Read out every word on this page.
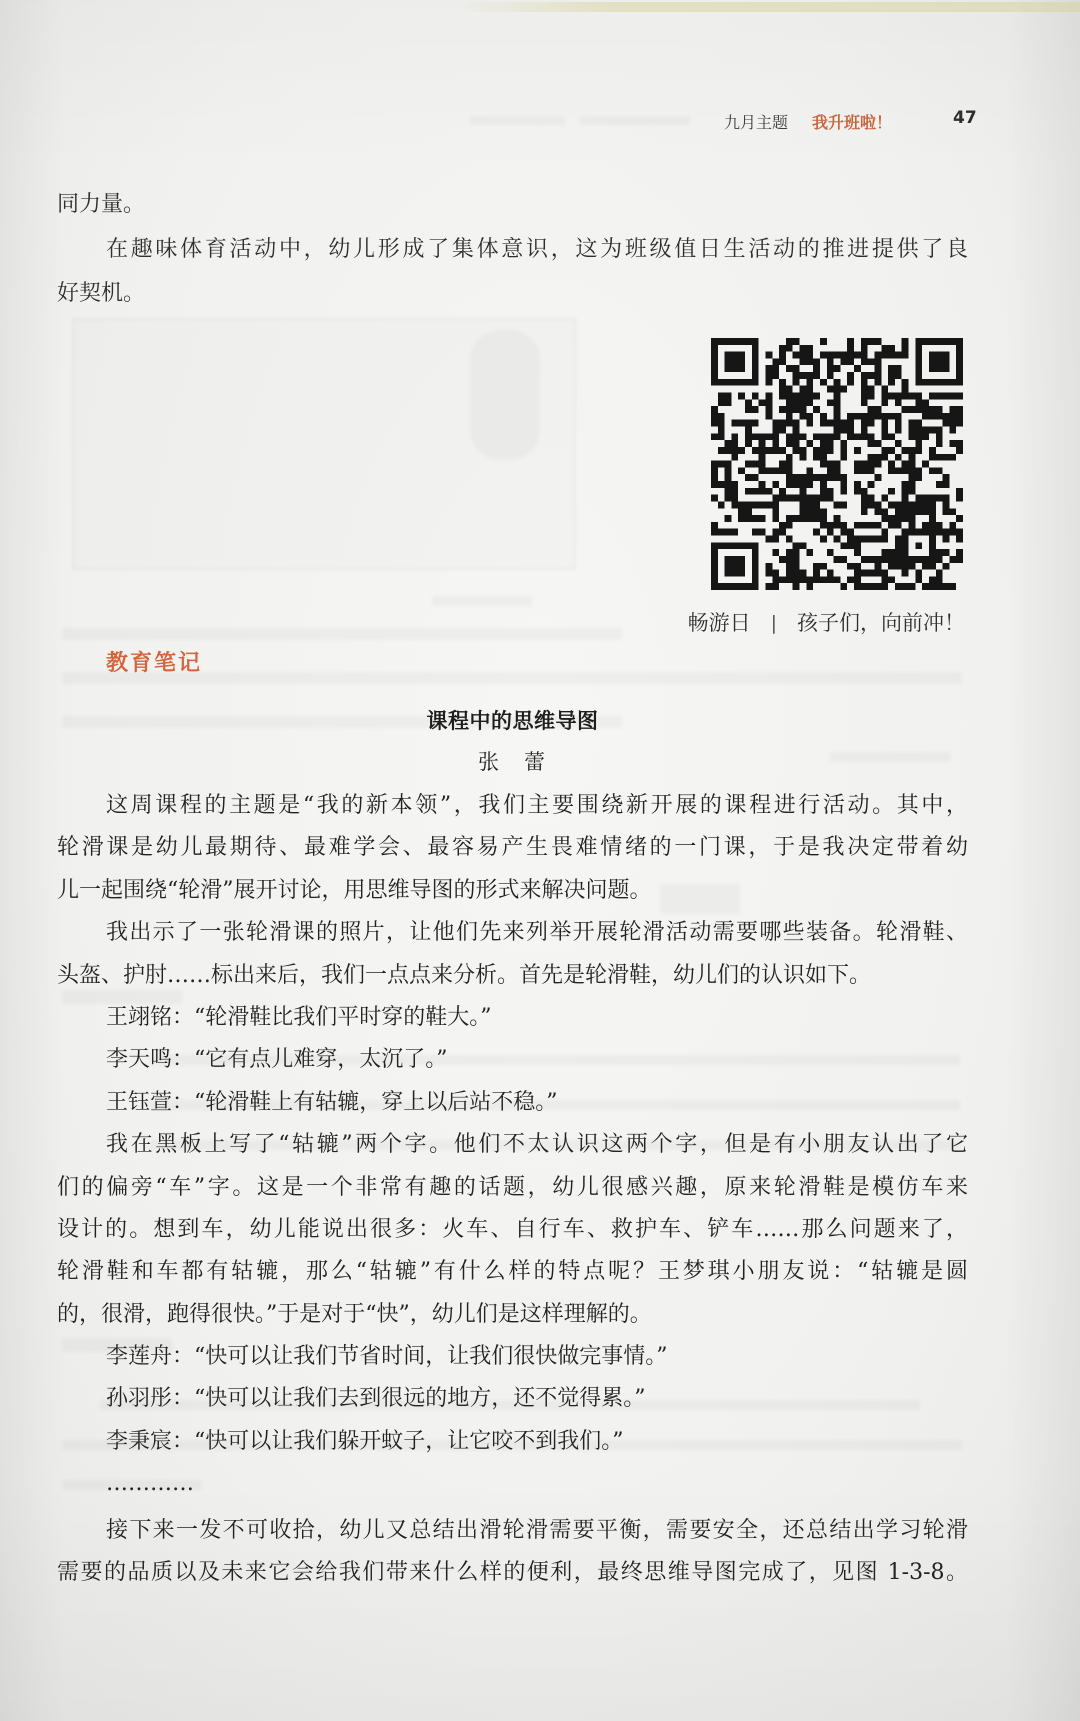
九月主题 我升班啦！	47
同力量。
在趣味体育活动中，幼儿形成了集体意识，这为班级值日生活动的推进提供了良
好契机。
畅游日 | 孩子们，向前冲！
教育笔记
课程中的思维导图
张　蕾
这周课程的主题是“我的新本领”，我们主要围绕新开展的课程进行活动。其中，
轮滑课是幼儿最期待、最难学会、最容易产生畏难情绪的一门课，于是我决定带着幼
儿一起围绕“轮滑”展开讨论，用思维导图的形式来解决问题。
我出示了一张轮滑课的照片，让他们先来列举开展轮滑活动需要哪些装备。轮滑鞋、
头盔、护肘……标出来后，我们一点点来分析。首先是轮滑鞋，幼儿们的认识如下。
王翊铭：“轮滑鞋比我们平时穿的鞋大。”
李天鸣：“它有点儿难穿，太沉了。”
王钰萱：“轮滑鞋上有轱辘，穿上以后站不稳。”
我在黑板上写了“轱辘”两个字。他们不太认识这两个字，但是有小朋友认出了它
们的偏旁“车”字。这是一个非常有趣的话题，幼儿很感兴趣，原来轮滑鞋是模仿车来
设计的。想到车，幼儿能说出很多：火车、自行车、救护车、铲车……那么问题来了，
轮滑鞋和车都有轱辘，那么“轱辘”有什么样的特点呢？王梦琪小朋友说：“轱辘是圆
的，很滑，跑得很快。”于是对于“快”，幼儿们是这样理解的。
李莲舟：“快可以让我们节省时间，让我们很快做完事情。”
孙羽彤：“快可以让我们去到很远的地方，还不觉得累。”
李秉宸：“快可以让我们躲开蚊子，让它咬不到我们。”
…………
接下来一发不可收拾，幼儿又总结出滑轮滑需要平衡，需要安全，还总结出学习轮滑
需要的品质以及未来它会给我们带来什么样的便利，最终思维导图完成了，见图 1-3-8。
